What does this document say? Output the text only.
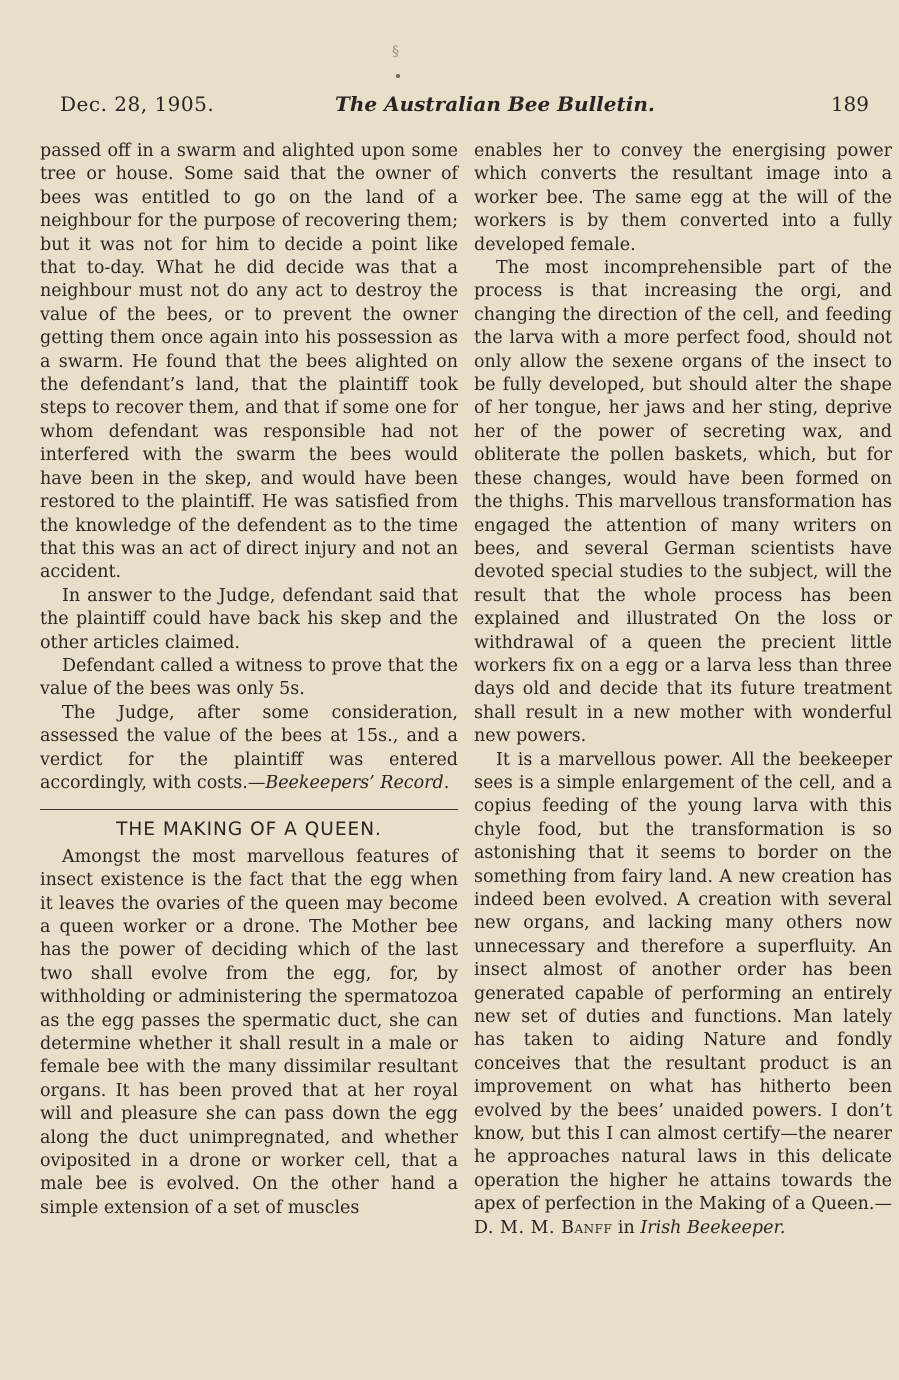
§
Dec. 28, 1905.	The Australian Bee Bulletin.	189

passed off in a swarm and alighted upon some tree or house. Some said that the owner of bees was entitled to go on the land of a neighbour for the purpose of recovering them; but it was not for him to decide a point like that to-day. What he did decide was that a neighbour must not do any act to destroy the value of the bees, or to prevent the owner getting them once again into his possession as a swarm. He found that the bees alighted on the defendant’s land, that the plaintiff took steps to recover them, and that if some one for whom defendant was responsible had not interfered with the swarm the bees would have been in the skep, and would have been restored to the plaintiff. He was satisfied from the knowledge of the defendent as to the time that this was an act of direct injury and not an accident.

In answer to the Judge, defendant said that the plaintiff could have back his skep and the other articles claimed.

Defendant called a witness to prove that the value of the bees was only 5s.

The Judge, after some consideration, assessed the value of the bees at 15s., and a verdict for the plaintiff was entered accordingly, with costs.—Beekeepers’ Record.

THE MAKING OF A QUEEN.

Amongst the most marvellous features of insect existence is the fact that the egg when it leaves the ovaries of the queen may become a queen worker or a drone. The Mother bee has the power of deciding which of the last two shall evolve from the egg, for, by withholding or administering the spermatozoa as the egg passes the spermatic duct, she can determine whether it shall result in a male or female bee with the many dissimilar resultant organs. It has been proved that at her royal will and pleasure she can pass down the egg along the duct unimpregnated, and whether oviposited in a drone or worker cell, that a male bee is evolved. On the other hand a simple extension of a set of muscles

enables her to convey the energising power which converts the resultant image into a worker bee. The same egg at the will of the workers is by them converted into a fully developed female.

The most incomprehensible part of the process is that increasing the orgi, and changing the direction of the cell, and feeding the larva with a more perfect food, should not only allow the sexene organs of the insect to be fully developed, but should alter the shape of her tongue, her jaws and her sting, deprive her of the power of secreting wax, and obliterate the pollen baskets, which, but for these changes, would have been formed on the thighs. This marvellous transformation has engaged the attention of many writers on bees, and several German scientists have devoted special studies to the subject, will the result that the whole process has been explained and illustrated On the loss or withdrawal of a queen the precient little workers fix on a egg or a larva less than three days old and decide that its future treatment shall result in a new mother with wonderful new powers.

It is a marvellous power. All the beekeeper sees is a simple enlargement of the cell, and a copius feeding of the young larva with this chyle food, but the transformation is so astonishing that it seems to border on the something from fairy land. A new creation has indeed been evolved. A creation with several new organs, and lacking many others now unnecessary and therefore a superfluity. An insect almost of another order has been generated capable of performing an entirely new set of duties and functions. Man lately has taken to aiding Nature and fondly conceives that the resultant product is an improvement on what has hitherto been evolved by the bees’ unaided powers. I don’t know, but this I can almost certify—the nearer he approaches natural laws in this delicate operation the higher he attains towards the apex of perfection in the Making of a Queen.—D. M. M. Banff in Irish Beekeeper.
